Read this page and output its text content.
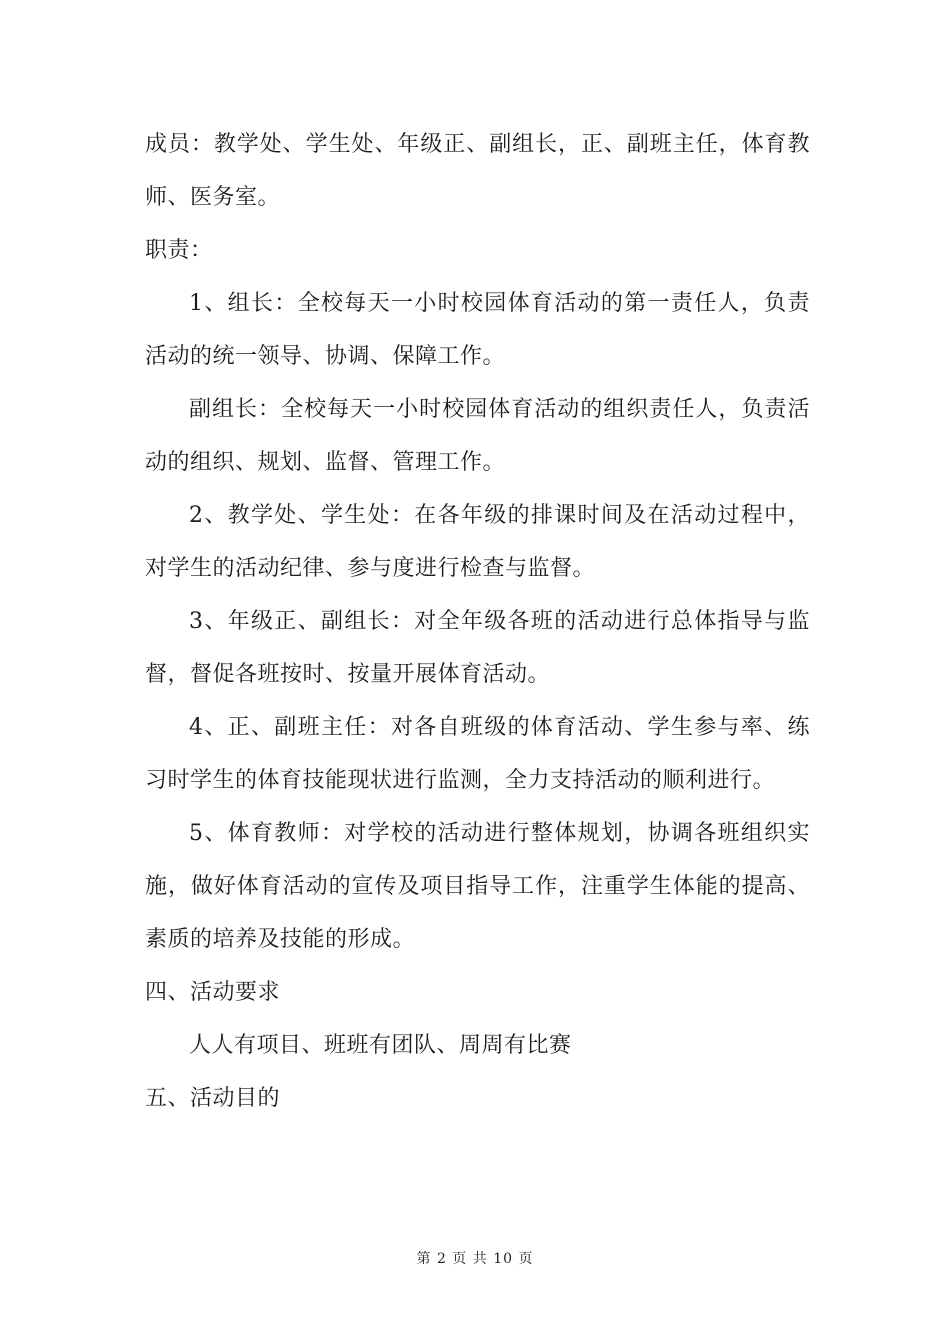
成员：教学处、学生处、年级正、副组长，正、副班主任，体育教师、医务室。

职责：

1、组长：全校每天一小时校园体育活动的第一责任人，负责活动的统一领导、协调、保障工作。

副组长：全校每天一小时校园体育活动的组织责任人，负责活动的组织、规划、监督、管理工作。

2、教学处、学生处：在各年级的排课时间及在活动过程中，对学生的活动纪律、参与度进行检查与监督。

3、年级正、副组长：对全年级各班的活动进行总体指导与监督，督促各班按时、按量开展体育活动。

4、正、副班主任：对各自班级的体育活动、学生参与率、练习时学生的体育技能现状进行监测，全力支持活动的顺利进行。

5、体育教师：对学校的活动进行整体规划，协调各班组织实施，做好体育活动的宣传及项目指导工作，注重学生体能的提高、素质的培养及技能的形成。

四、活动要求

人人有项目、班班有团队、周周有比赛

五、活动目的

第 2 页 共 10 页
